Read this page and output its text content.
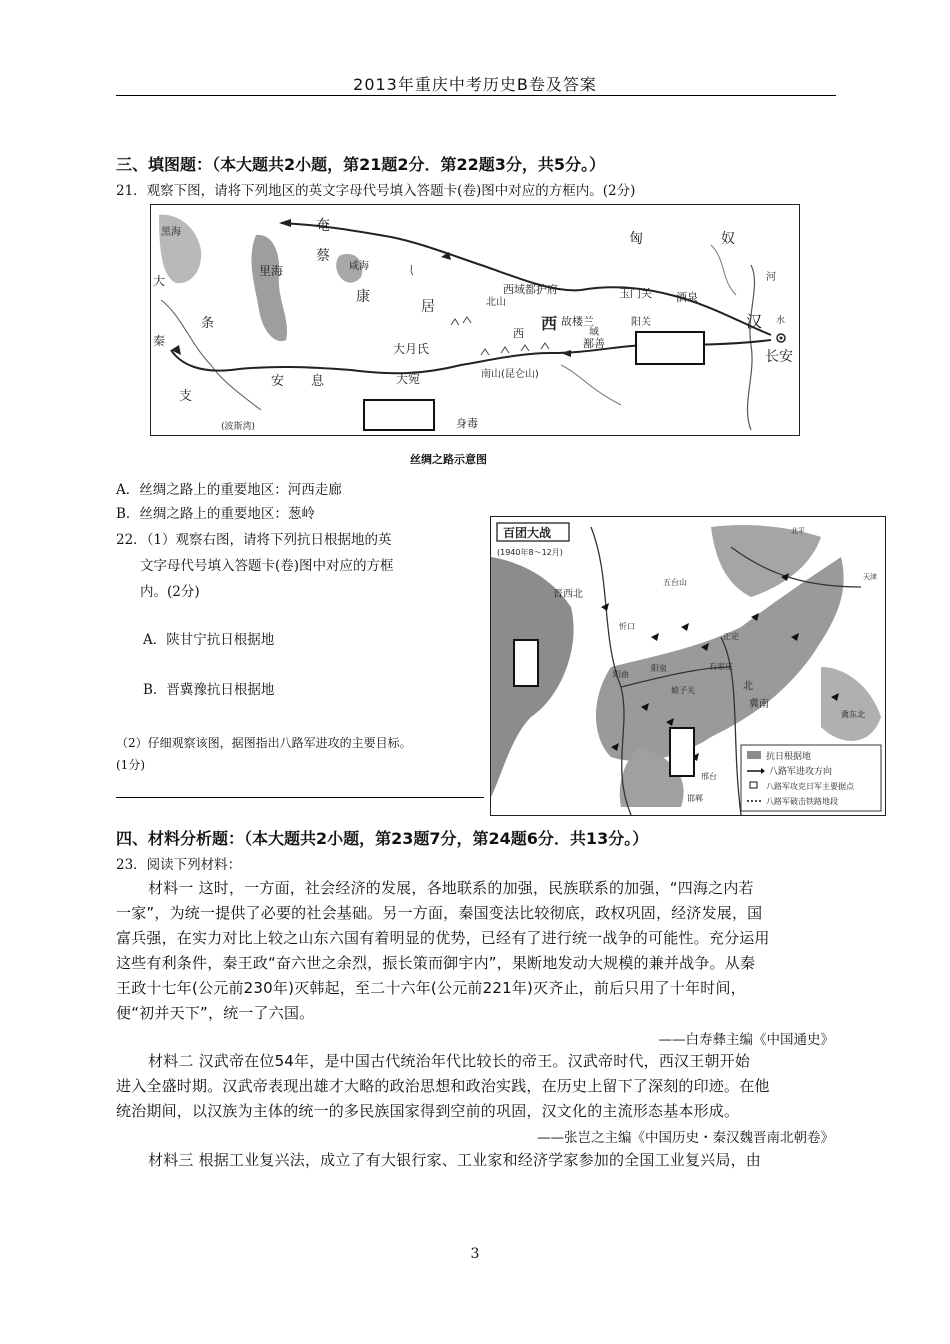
2013年重庆中考历史B卷及答案
三、填图题：（本大题共2小题，第21题2分．第22题3分，共5分。）
21．观察下图，请将下列地区的英文字母代号填入答题卡(卷)图中对应的方框内。(2分)
黑海
里海	咸海
奄
蔡
康
居
大
秦
条
支
安 息
(波斯湾)
大月氏
大宛
身毒
匈	奴
西域都护府
北山
西	域
西 故楼兰
鄯善
南山(昆仑山)
玉门关
阳关
酒泉
汉
长安
河
水
丝绸之路示意图
A．丝绸之路上的重要地区：河西走廊
B．丝绸之路上的重要地区：葱岭
22．（1）观察右图，请将下列抗日根据地的英
文字母代号填入答题卡(卷)图中对应的方框
内。(2分)
A．陕甘宁抗日根据地
B．晋冀豫抗日根据地
（2）仔细观察该图，据图指出八路军进攻的主要目标。
(1分)
百团大战
(1940年8～12月)
五台山
忻口
阳曲
石家庄
北平
天津
正定
阳泉
娘子关
冀东北
邢台
邯郸
晋西北
北
冀南
抗日根据地
八路军进攻方向
八路军攻克日军主要据点
八路军破击铁路地段
四、材料分析题：（本大题共2小题，第23题7分，第24题6分．共13分。）
23．阅读下列材料：
材料一 这时，一方面，社会经济的发展，各地联系的加强，民族联系的加强，“四海之内若
一家”，为统一提供了必要的社会基础。另一方面，秦国变法比较彻底，政权巩固，经济发展，国
富兵强，在实力对比上较之山东六国有着明显的优势，已经有了进行统一战争的可能性。充分运用
这些有利条件，秦王政“奋六世之余烈，振长策而御宇内”，果断地发动大规模的兼并战争。从秦
王政十七年(公元前230年)灭韩起，至二十六年(公元前221年)灭齐止，前后只用了十年时间，
便“初并天下”，统一了六国。
——白寿彝主编《中国通史》
材料二 汉武帝在位54年，是中国古代统治年代比较长的帝王。汉武帝时代，西汉王朝开始
进入全盛时期。汉武帝表现出雄才大略的政治思想和政治实践，在历史上留下了深刻的印迹。在他
统治期间，以汉族为主体的统一的多民族国家得到空前的巩固，汉文化的主流形态基本形成。
——张岂之主编《中国历史・秦汉魏晋南北朝卷》
材料三 根据工业复兴法，成立了有大银行家、工业家和经济学家参加的全国工业复兴局，由
3
